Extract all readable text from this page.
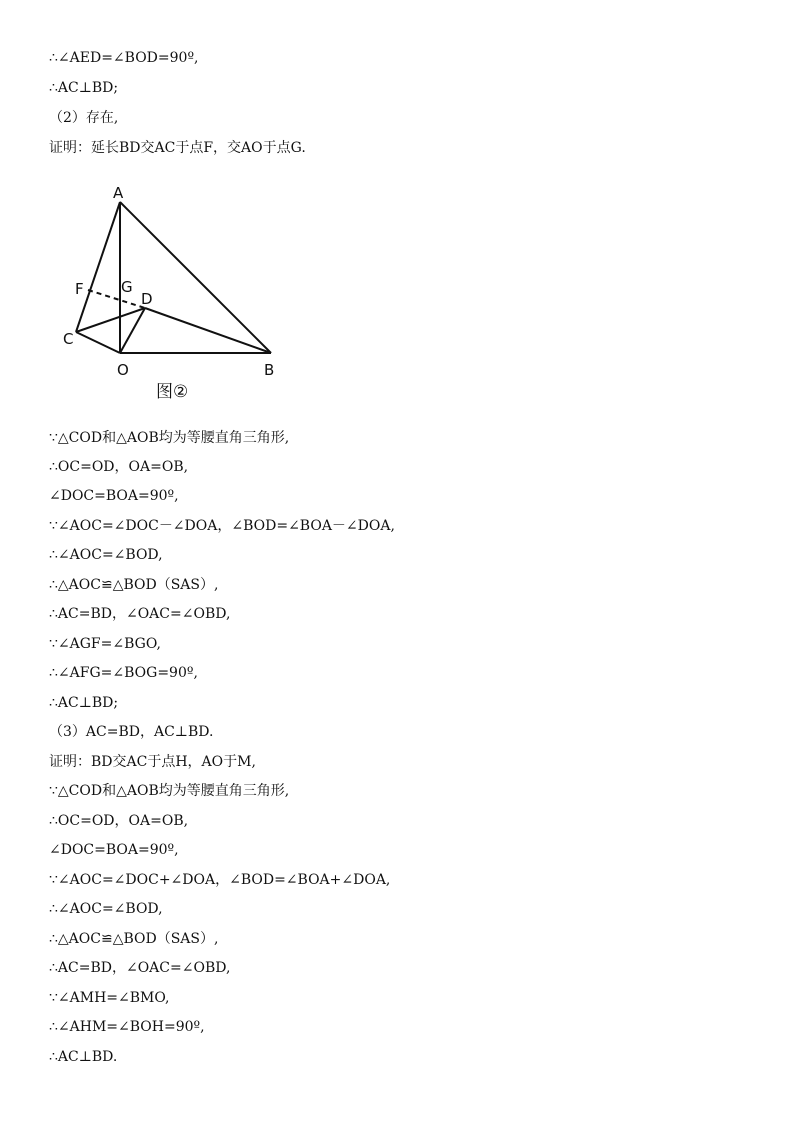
∴∠AED=∠BOD=90º,
∴AC⊥BD;
（2）存在,
证明：延长BD交AC于点F，交AO于点G.
A
F G
D
C
O	B
图②
∵△COD和△AOB均为等腰直角三角形,
∴OC=OD，OA=OB,
∠DOC=BOA=90º,
∵∠AOC=∠DOC－∠DOA，∠BOD=∠BOA－∠DOA,
∴∠AOC=∠BOD,
∴△AOC≌△BOD（SAS）,
∴AC=BD，∠OAC=∠OBD,
∵∠AGF=∠BGO,
∴∠AFG=∠BOG=90º,
∴AC⊥BD;
（3）AC=BD，AC⊥BD.
证明：BD交AC于点H，AO于M,
∵△COD和△AOB均为等腰直角三角形,
∴OC=OD，OA=OB,
∠DOC=BOA=90º,
∵∠AOC=∠DOC+∠DOA，∠BOD=∠BOA+∠DOA,
∴∠AOC=∠BOD,
∴△AOC≌△BOD（SAS）,
∴AC=BD，∠OAC=∠OBD,
∵∠AMH=∠BMO,
∴∠AHM=∠BOH=90º,
∴AC⊥BD.
